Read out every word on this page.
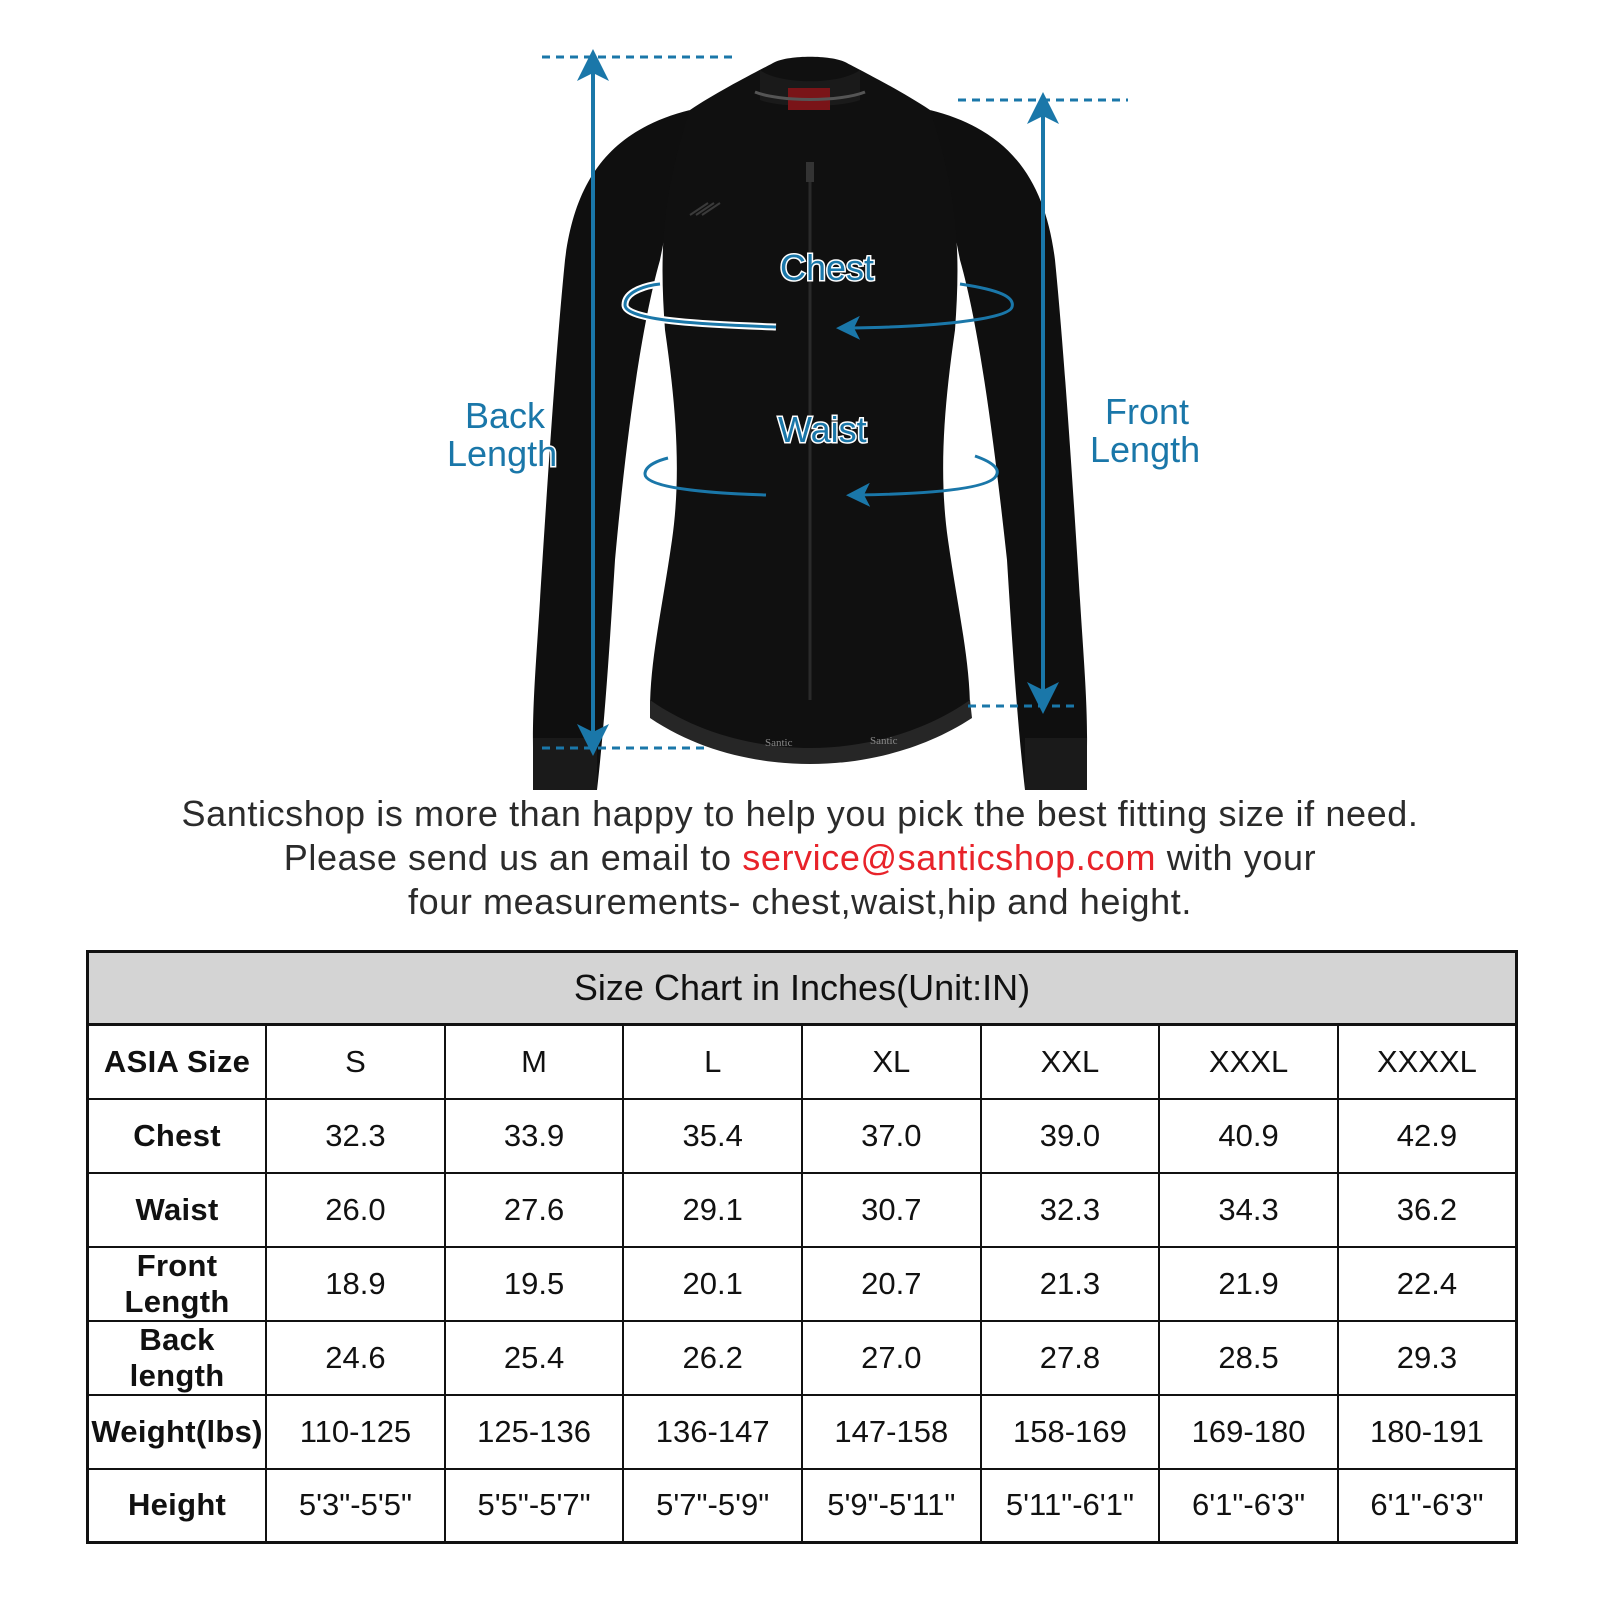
Santic	Santic
Back
Length
Front
Length
Chest
Waist
Santicshop is more than happy to help you pick the best fitting size if need.
Please send us an email to service@santicshop.com with your
four measurements- chest,waist,hip and height.
Size Chart in Inches(Unit:IN)							
ASIA Size	S	M	L	XL	XXL	XXXL	XXXXL
Chest	32.3	33.9	35.4	37.0	39.0	40.9	42.9
Waist	26.0	27.6	29.1	30.7	32.3	34.3	36.2
Front Length	18.9	19.5	20.1	20.7	21.3	21.9	22.4
Back length	24.6	25.4	26.2	27.0	27.8	28.5	29.3
Weight(lbs)	110-125	125-136	136-147	147-158	158-169	169-180	180-191
Height	5'3"-5'5"	5'5"-5'7"	5'7"-5'9"	5'9"-5'11"	5'11"-6'1"	6'1"-6'3"	6'1"-6'3"
